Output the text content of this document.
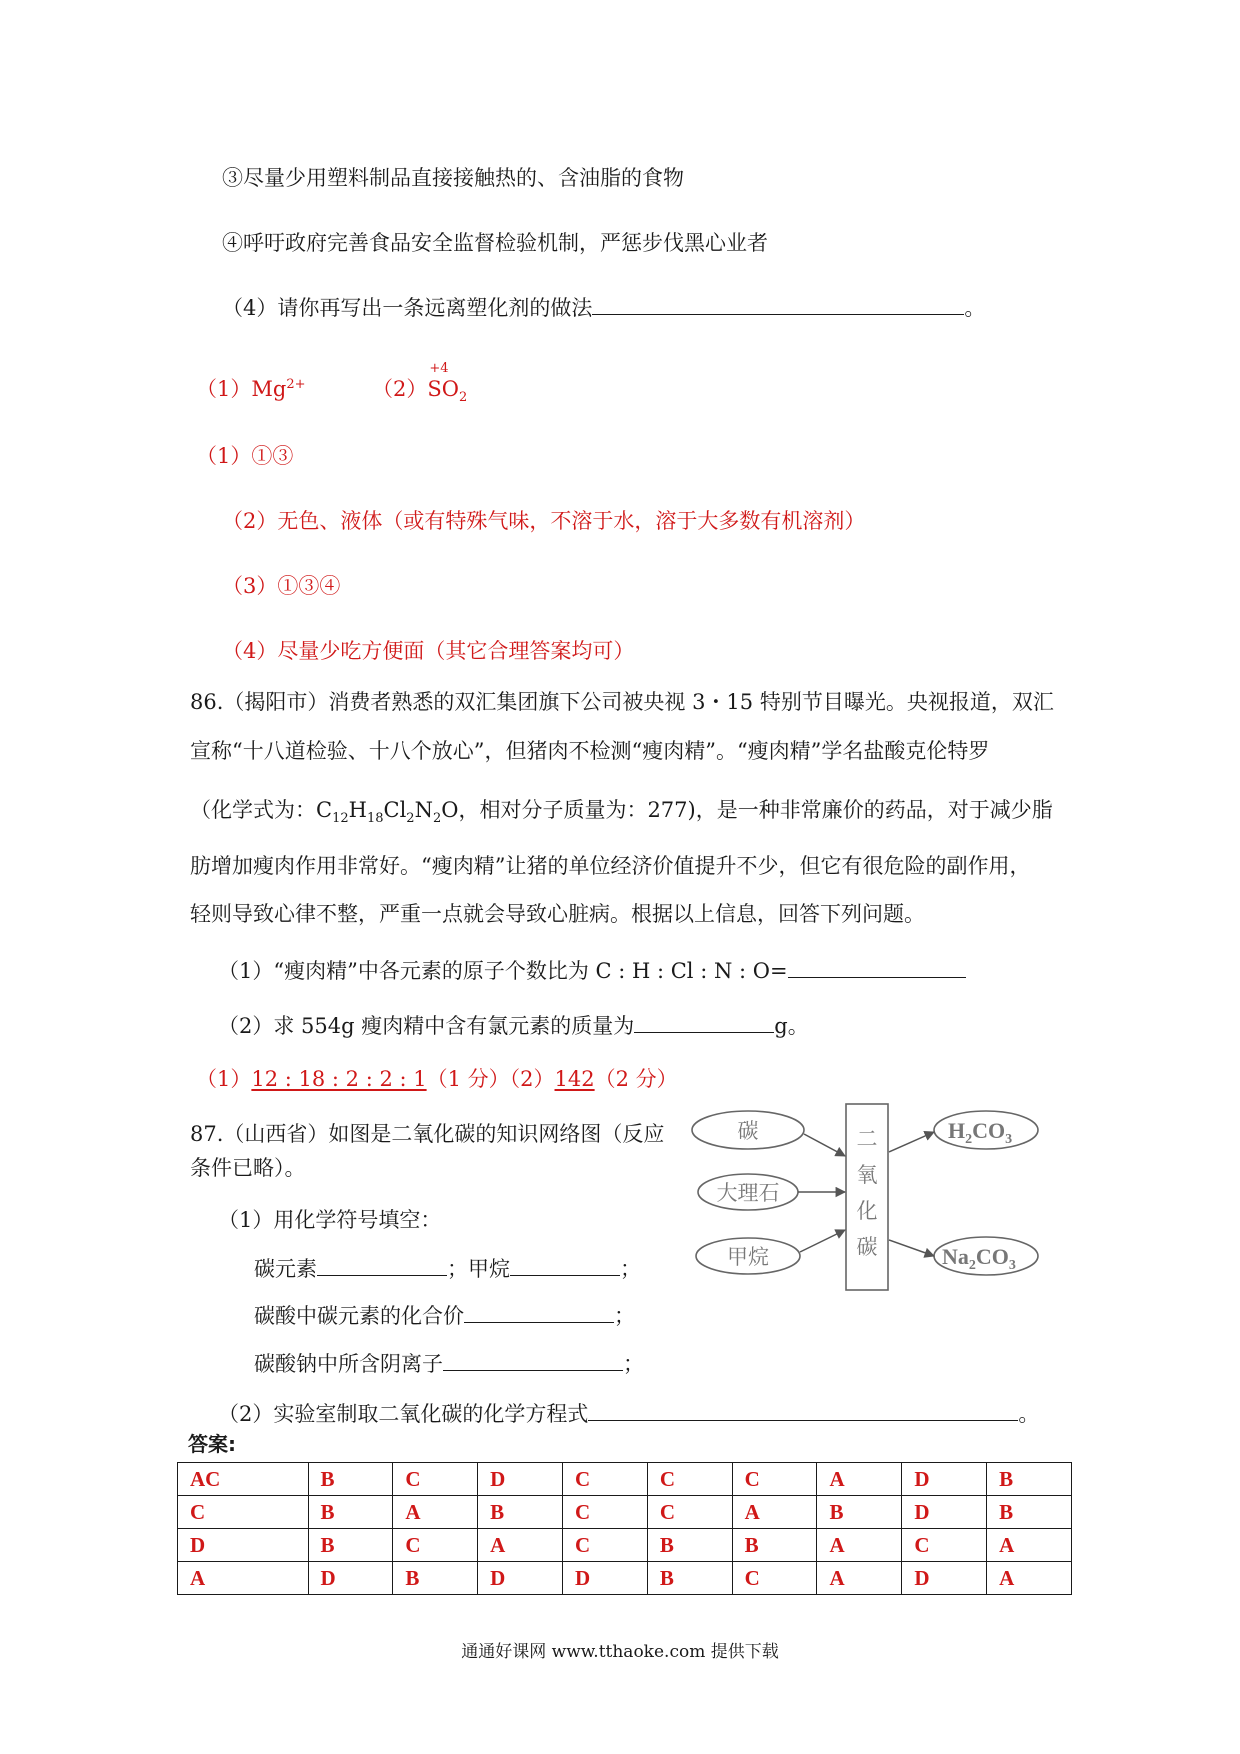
③尽量少用塑料制品直接接触热的、含油脂的食物
④呼吁政府完善食品安全监督检验机制，严惩步伐黑心业者
（4）请你再写出一条远离塑化剂的做法	。
$(1)Mg^{2+}$	（2）
+4
$SO_2$
（1）①③
（2）无色、液体（或有特殊气味，不溶于水，溶于大多数有机溶剂）
（3）①③④
（4）尽量少吃方便面（其它合理答案均可）
86.（揭阳市）消费者熟悉的双汇集团旗下公司被央视 3・15 特别节目曝光。央视报道，双汇
宣称“十八道检验、十八个放心”，但猪肉不检测“瘦肉精”。“瘦肉精”学名盐酸克伦特罗
（化学式为：$C_{12}H_{18}Cl_2N_2O$，相对分子质量为：277)，是一种非常廉价的药品，对于减少脂
肪增加瘦肉作用非常好。“瘦肉精”让猪的单位经济价值提升不少，但它有很危险的副作用，
轻则导致心律不整，严重一点就会导致心脏病。根据以上信息，回答下列问题。
（1）“瘦肉精”中各元素的原子个数比为 C : H : Cl : N : O=
（2）求 554g 瘦肉精中含有氯元素的质量为	g。
（1）12 : 18 : 2 : 2 : 1（1 分）（2）142（2 分）
87.（山西省）如图是二氧化碳的知识网络图（反应
条件已略）。
（1）用化学符号填空：
碳元素	；甲烷	；
碳酸中碳元素的化合价	；
碳酸钠中所含阴离子	；
（2）实验室制取二氧化碳的化学方程式	。
碳
大理石
甲烷
二
氧
化
碳
$H_2CO_3$
$Na_2CO_3$
答案:
AC	B	C	D	C	C	C	A	D	B
C	B	A	B	C	C	A	B	D	B
D	B	C	A	C	B	B	A	C	A
A	D	B	D	D	B	C	A	D	A
通通好课网 www.tthaoke.com 提供下载
